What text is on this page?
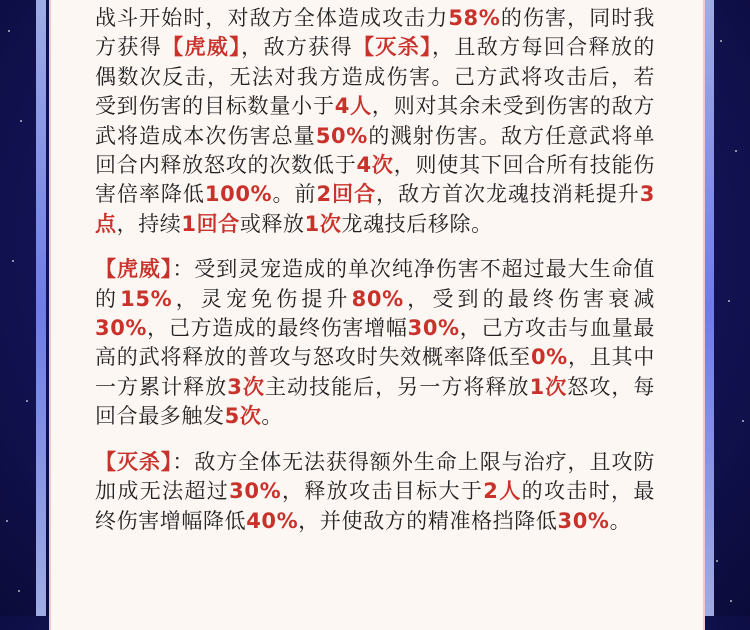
战斗开始时，对敌方全体造成攻击力58%的伤害，同时我方获得【虎威】，敌方获得【灭杀】，且敌方每回合释放的偶数次反击，无法对我方造成伤害。己方武将攻击后，若受到伤害的目标数量小于4人，则对其余未受到伤害的敌方武将造成本次伤害总量50%的溅射伤害。敌方任意武将单回合内释放怒攻的次数低于4次，则使其下回合所有技能伤害倍率降低100%。前2回合，敌方首次龙魂技消耗提升3点，持续1回合或释放1次龙魂技后移除。

【虎威】：受到灵宠造成的单次纯净伤害不超过最大生命值的15%，灵宠免伤提升80%，受到的最终伤害衰减30%，己方造成的最终伤害增幅30%，己方攻击与血量最高的武将释放的普攻与怒攻时失效概率降低至0%，且其中一方累计释放3次主动技能后，另一方将释放1次怒攻，每回合最多触发5次。

【灭杀】：敌方全体无法获得额外生命上限与治疗，且攻防加成无法超过30%，释放攻击目标大于2人的攻击时，最终伤害增幅降低40%，并使敌方的精准格挡降低30%。
